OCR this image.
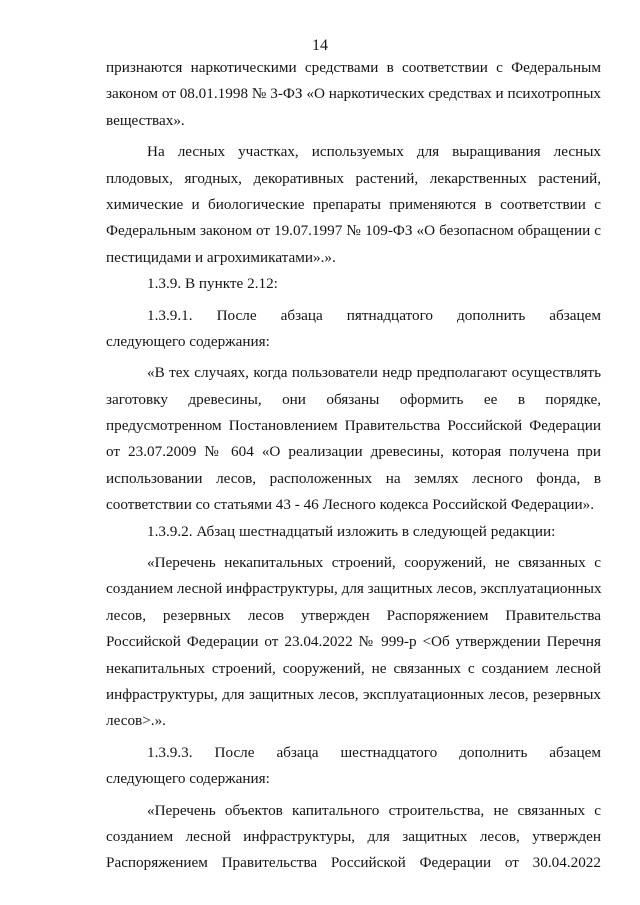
14
признаются наркотическими средствами в соответствии с Федеральным
законом от 08.01.1998 № 3-ФЗ «О наркотических средствах и психотропных
веществах».
На лесных участках, используемых для выращивания лесных
плодовых, ягодных, декоративных растений, лекарственных растений,
химические и биологические препараты применяются в соответствии с
Федеральным законом от 19.07.1997 № 109-ФЗ «О безопасном обращении с
пестицидами и агрохимикатами».».
1.3.9. В пункте 2.12:
1.3.9.1. После абзаца пятнадцатого дополнить абзацем
следующего содержания:
«В тех случаях, когда пользователи недр предполагают осуществлять
заготовку древесины, они обязаны оформить ее в порядке,
предусмотренном Постановлением Правительства Российской Федерации
от 23.07.2009 № 604 «О реализации древесины, которая получена при
использовании лесов, расположенных на землях лесного фонда, в
соответствии со статьями 43 - 46 Лесного кодекса Российской Федерации».
1.3.9.2. Абзац шестнадцатый изложить в следующей редакции:
«Перечень некапитальных строений, сооружений, не связанных с
созданием лесной инфраструктуры, для защитных лесов, эксплуатационных
лесов, резервных лесов утвержден Распоряжением Правительства
Российской Федерации от 23.04.2022 № 999-р <Об утверждении Перечня
некапитальных строений, сооружений, не связанных с созданием лесной
инфраструктуры, для защитных лесов, эксплуатационных лесов, резервных
лесов>.».
1.3.9.3. После абзаца шестнадцатого дополнить абзацем
следующего содержания:
«Перечень объектов капитального строительства, не связанных с
созданием лесной инфраструктуры, для защитных лесов, утвержден
Распоряжением Правительства Российской Федерации от 30.04.2022
